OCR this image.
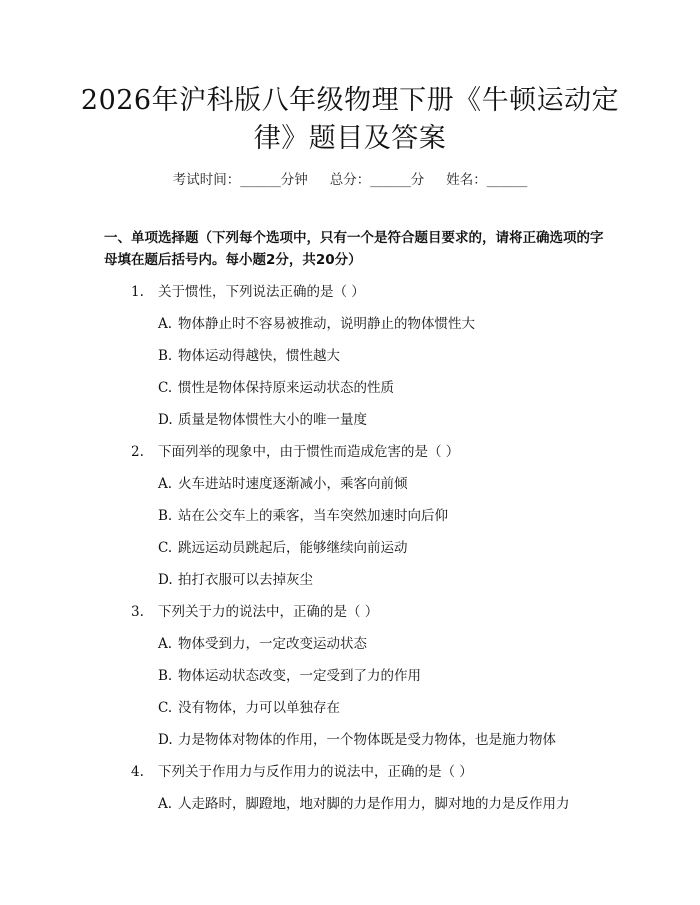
2026年沪科版八年级物理下册《牛顿运动定
律》题目及答案
考试时间：______分钟 总分：______分 姓名：______
一、单项选择题（下列每个选项中，只有一个是符合题目要求的，请将正确选项的字母填在题后括号内。每小题2分，共20分）
1. 关于惯性，下列说法正确的是（ ）
A. 物体静止时不容易被推动，说明静止的物体惯性大
B. 物体运动得越快，惯性越大
C. 惯性是物体保持原来运动状态的性质
D. 质量是物体惯性大小的唯一量度
2. 下面列举的现象中，由于惯性而造成危害的是（ ）
A. 火车进站时速度逐渐减小，乘客向前倾
B. 站在公交车上的乘客，当车突然加速时向后仰
C. 跳远运动员跳起后，能够继续向前运动
D. 拍打衣服可以去掉灰尘
3. 下列关于力的说法中，正确的是（ ）
A. 物体受到力，一定改变运动状态
B. 物体运动状态改变，一定受到了力的作用
C. 没有物体，力可以单独存在
D. 力是物体对物体的作用，一个物体既是受力物体，也是施力物体
4. 下列关于作用力与反作用力的说法中，正确的是（ ）
A. 人走路时，脚蹬地，地对脚的力是作用力，脚对地的力是反作用力
